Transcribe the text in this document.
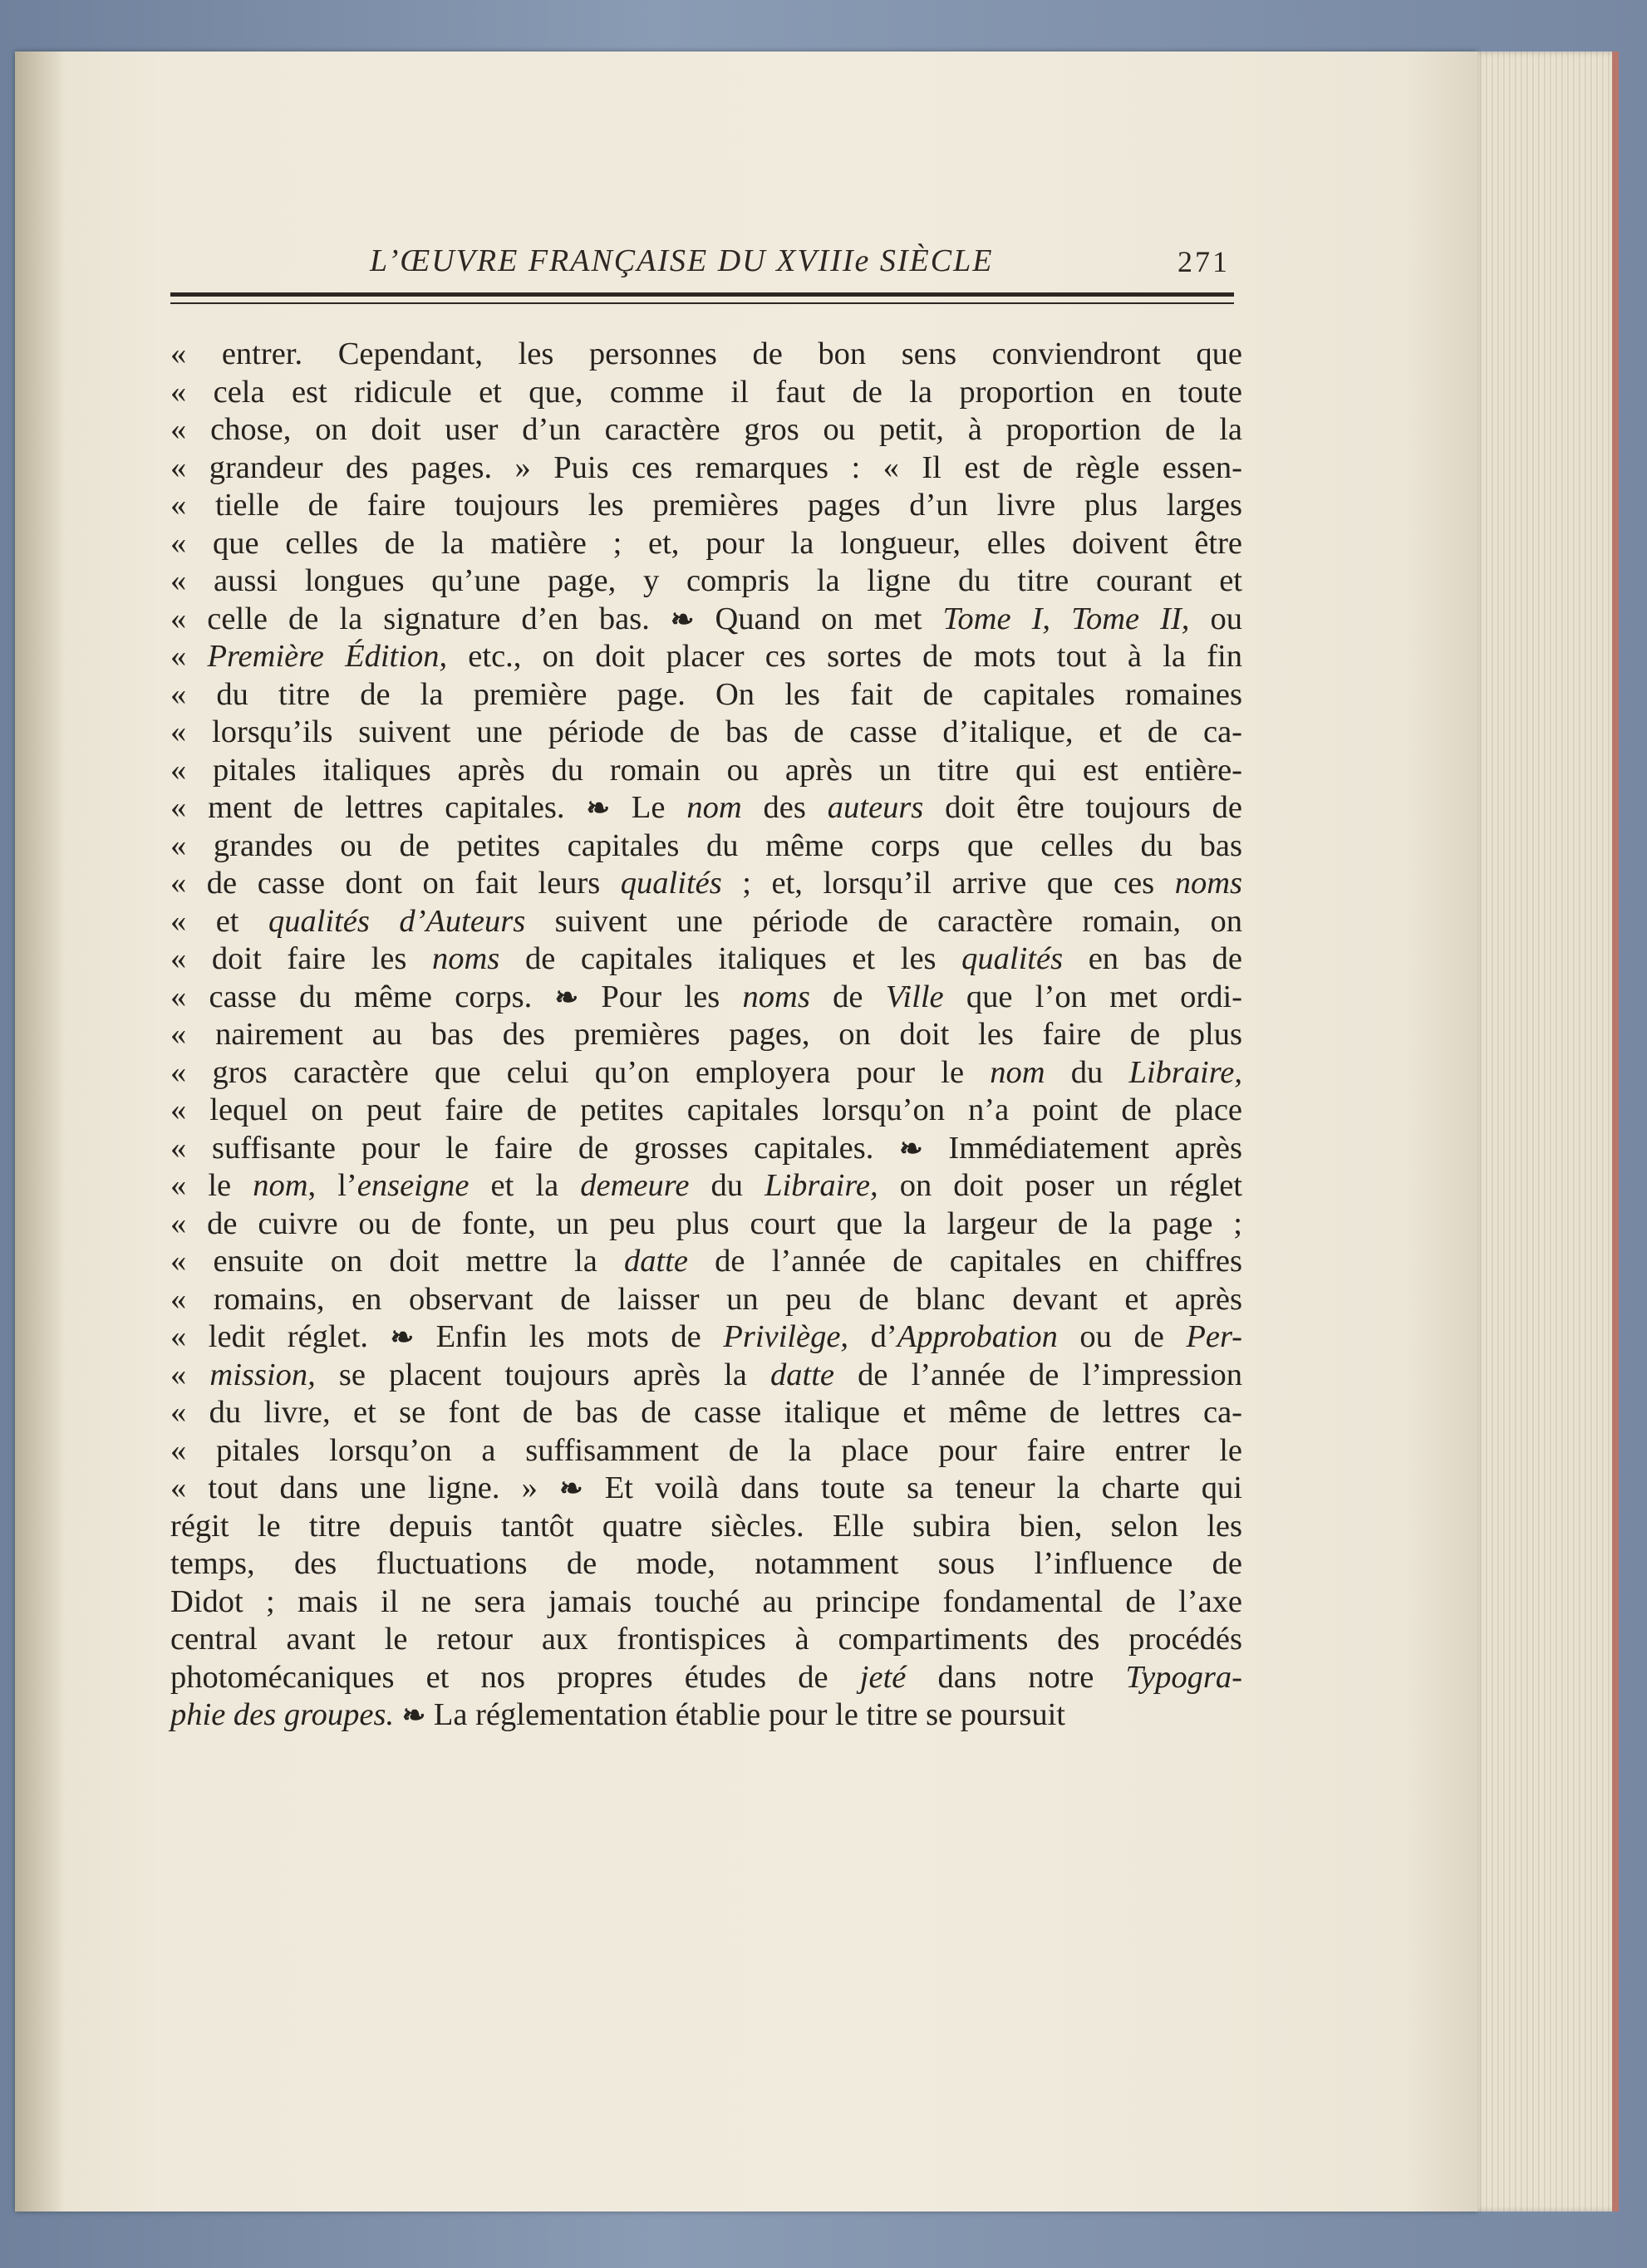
L’ŒUVRE FRANÇAISE DU XVIIIe SIÈCLE	271
« entrer. Cependant, les personnes de bon sens conviendront que
« cela est ridicule et que, comme il faut de la proportion en toute
« chose, on doit user d’un caractère gros ou petit, à proportion de la
« grandeur des pages. » Puis ces remarques : « Il est de règle essen-
« tielle de faire toujours les premières pages d’un livre plus larges
« que celles de la matière ; et, pour la longueur, elles doivent être
« aussi longues qu’une page, y compris la ligne du titre courant et
« celle de la signature d’en bas. ❧ Quand on met Tome I, Tome II, ou
« Première Édition, etc., on doit placer ces sortes de mots tout à la fin
« du titre de la première page. On les fait de capitales romaines
« lorsqu’ils suivent une période de bas de casse d’italique, et de ca-
« pitales italiques après du romain ou après un titre qui est entière-
« ment de lettres capitales. ❧ Le nom des auteurs doit être toujours de
« grandes ou de petites capitales du même corps que celles du bas
« de casse dont on fait leurs qualités ; et, lorsqu’il arrive que ces noms
« et qualités d’Auteurs suivent une période de caractère romain, on
« doit faire les noms de capitales italiques et les qualités en bas de
« casse du même corps. ❧ Pour les noms de Ville que l’on met ordi-
« nairement au bas des premières pages, on doit les faire de plus
« gros caractère que celui qu’on employera pour le nom du Libraire,
« lequel on peut faire de petites capitales lorsqu’on n’a point de place
« suffisante pour le faire de grosses capitales. ❧ Immédiatement après
« le nom, l’enseigne et la demeure du Libraire, on doit poser un réglet
« de cuivre ou de fonte, un peu plus court que la largeur de la page ;
« ensuite on doit mettre la datte de l’année de capitales en chiffres
« romains, en observant de laisser un peu de blanc devant et après
« ledit réglet. ❧ Enfin les mots de Privilège, d’Approbation ou de Per-
« mission, se placent toujours après la datte de l’année de l’impression
« du livre, et se font de bas de casse italique et même de lettres ca-
« pitales lorsqu’on a suffisamment de la place pour faire entrer le
« tout dans une ligne. » ❧ Et voilà dans toute sa teneur la charte qui
régit le titre depuis tantôt quatre siècles. Elle subira bien, selon les
temps, des fluctuations de mode, notamment sous l’influence de
Didot ; mais il ne sera jamais touché au principe fondamental de l’axe
central avant le retour aux frontispices à compartiments des procédés
photomécaniques et nos propres études de jeté dans notre Typogra-
phie des groupes. ❧ La réglementation établie pour le titre se poursuit
